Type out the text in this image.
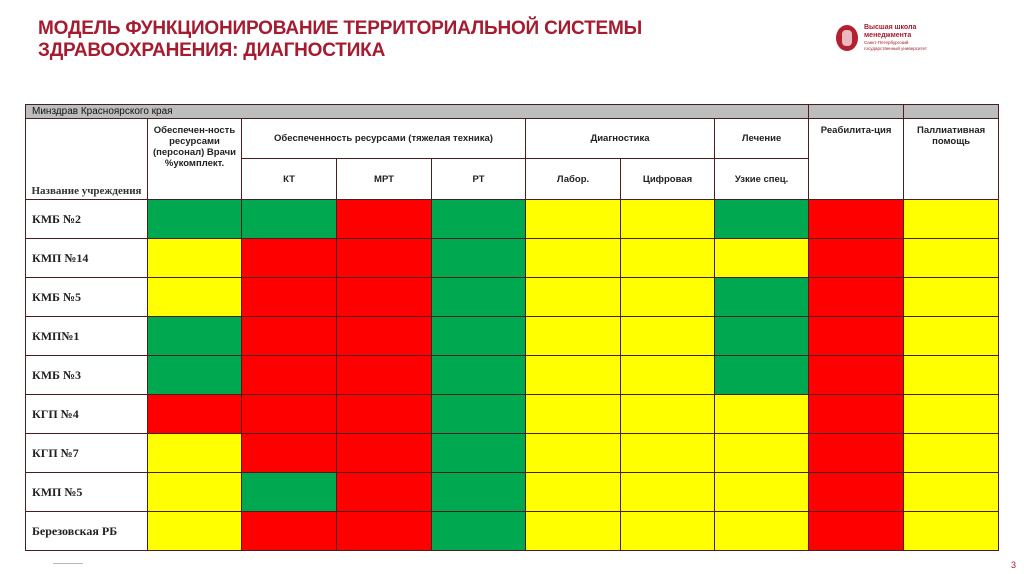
МОДЕЛЬ ФУНКЦИОНИРОВАНИЕ ТЕРРИТОРИАЛЬНОЙ СИСТЕМЫ
ЗДРАВООХРАНЕНИЯ: ДИАГНОСТИКА
Высшая школа
менеджмента
Санкт-Петербургский
государственный университет
Минздрав Красноярского края									
Название учреждения	Обеспечен-ность ресурсами (персонал) Врачи %укомплект.	Обеспеченность ресурсами (тяжелая техника)			Диагностика		Лечение	Реабилита-ция	Паллиативная помощь
		КТ	МРТ	РТ	Лабор.	Цифровая	Узкие спец.		
КМБ №2									
КМП №14									
КМБ №5									
КМП№1									
КМБ №3									
КГП №4									
КГП №7									
КМП №5									
Березовская РБ									
3
